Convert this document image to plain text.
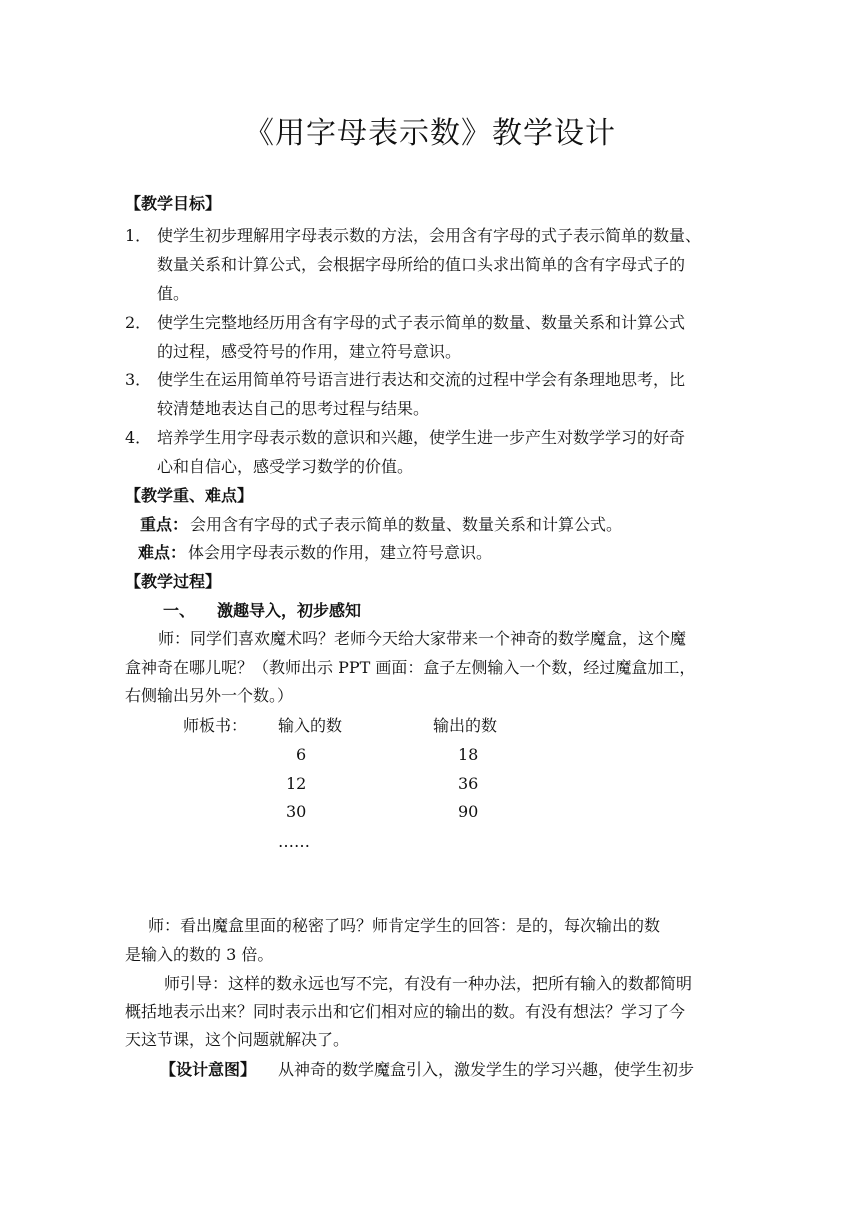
《用字母表示数》教学设计
【教学目标】
1． 使学生初步理解用字母表示数的方法，会用含有字母的式子表示简单的数量、
数量关系和计算公式，会根据字母所给的值口头求出简单的含有字母式子的
值。
2． 使学生完整地经历用含有字母的式子表示简单的数量、数量关系和计算公式
的过程，感受符号的作用，建立符号意识。
3． 使学生在运用简单符号语言进行表达和交流的过程中学会有条理地思考，比
较清楚地表达自己的思考过程与结果。
4． 培养学生用字母表示数的意识和兴趣，使学生进一步产生对数学学习的好奇
心和自信心，感受学习数学的价值。
【教学重、难点】
重点： 会用含有字母的式子表示简单的数量、数量关系和计算公式。
难点： 体会用字母表示数的作用，建立符号意识。
【教学过程】
一、 激趣导入，初步感知
师：同学们喜欢魔术吗？老师今天给大家带来一个神奇的数学魔盒，这个魔
盒神奇在哪儿呢？（教师出示 PPT 画面：盒子左侧输入一个数，经过魔盒加工，
右侧输出另外一个数。）
师板书： 输入的数	输出的数
6	18
12	36
30	90
……
师：看出魔盒里面的秘密了吗？师肯定学生的回答：是的，每次输出的数
是输入的数的 3 倍。
师引导：这样的数永远也写不完，有没有一种办法，把所有输入的数都简明
概括地表示出来？同时表示出和它们相对应的输出的数。有没有想法？学习了今
天这节课，这个问题就解决了。
【设计意图】 从神奇的数学魔盒引入，激发学生的学习兴趣，使学生初步
